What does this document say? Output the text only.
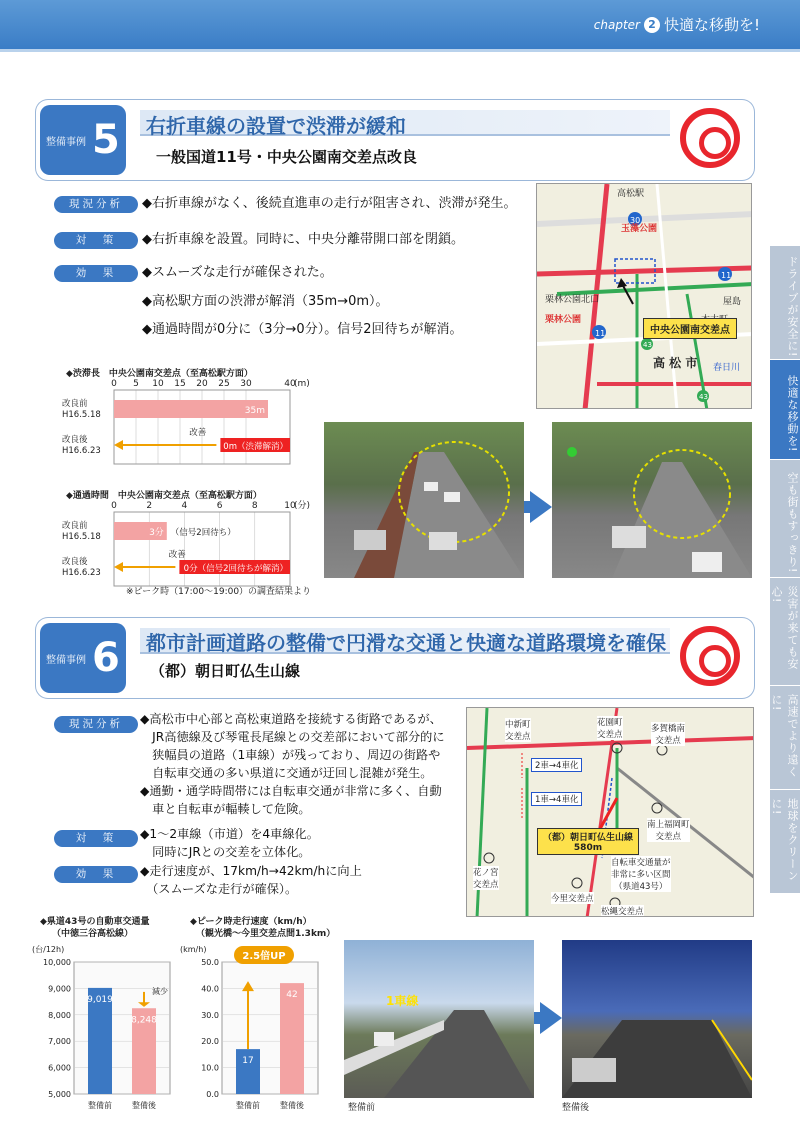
chapter 2 快適な移動を!
ドライブが安全に!
快適な移動を!
空も街もすっきり!
災害が来ても安心!
高速でより遠くに!
地球をクリーンに!
整備事例 5 右折車線の設置で渋滞が緩和
一般国道11号・中央公園南交差点改良
現況分析	◆右折車線がなく、後続直進車の走行が阻害され、渋滞が発生。
対　策	◆右折車線を設置。同時に、中央分離帯開口部を閉鎖。
効　果	◆スムーズな走行が確保された。
◆高松駅方面の渋滞が解消（35m→0m）。
◆通過時間が0分に（3分→0分）。信号2回待ちが解消。
30
11
11
43
43
玉藻公園
栗林公園
栗林公園北口
高松駅
春日川
屋島
中央公園南交差点
高 松 市
◆渋滞長　中央公園南交差点（至高松駅方面）
0 5 10 15 20 25 30	40
(m)
改良前
H16.5.18	35m
改良後
H16.6.23	0m（渋滞解消）
改善
◆通過時間　中央公園南交差点（至高松駅方面）
0	2	4	6	8	10
(分)
改良前
H16.5.18	3分 （信号2回待ち）
改良後
H16.6.23	0分（信号2回待ちが解消）
改善
※ピーク時（17:00～19:00）の調査結果より
整備事例 6 都市計画道路の整備で円滑な交通と快適な道路環境を確保
（都）朝日町仏生山線
現況分析	◆高松市中心部と高松東道路を接続する街路であるが、
　JR高徳線及び琴電長尾線との交差部において部分的に
　狭幅員の道路（1車線）が残っており、周辺の街路や
　自転車交通の多い県道に交通が迂回し混雑が発生。
◆通勤・通学時間帯には自転車交通が非常に多く、自動
　車と自転車が輻輳して危険。
対　策	◆1～2車線（市道）を4車線化。
　同時にJRとの交差を立体化。
効　果	◆走行速度が、17km/h→42km/hに向上
　（スムーズな走行が確保）。
中新町
交差点
花園町
交差点
多賀橋南
交差点
南上福岡町
交差点
2車→4車化
1車→4車化
（都）朝日町仏生山線
580m
自転車交通量が
非常に多い区間
（県道43号）
花ノ宮
交差点
今里交差点
松縄交差点
◆県道43号の自動車交通量
（中徳三谷高松線）
(台/12h)
10,000
9,000
8,000
7,000
6,000
5,000
9,019
整備前
8,248
整備後
減少
◆ピーク時走行速度（km/h）
（観光橋～今里交差点間1.3km）
(km/h)
50.0
40.0
30.0
20.0
10.0
0.0
17
整備前
42
整備後
2.5倍UP
1車線
整備前	整備後
